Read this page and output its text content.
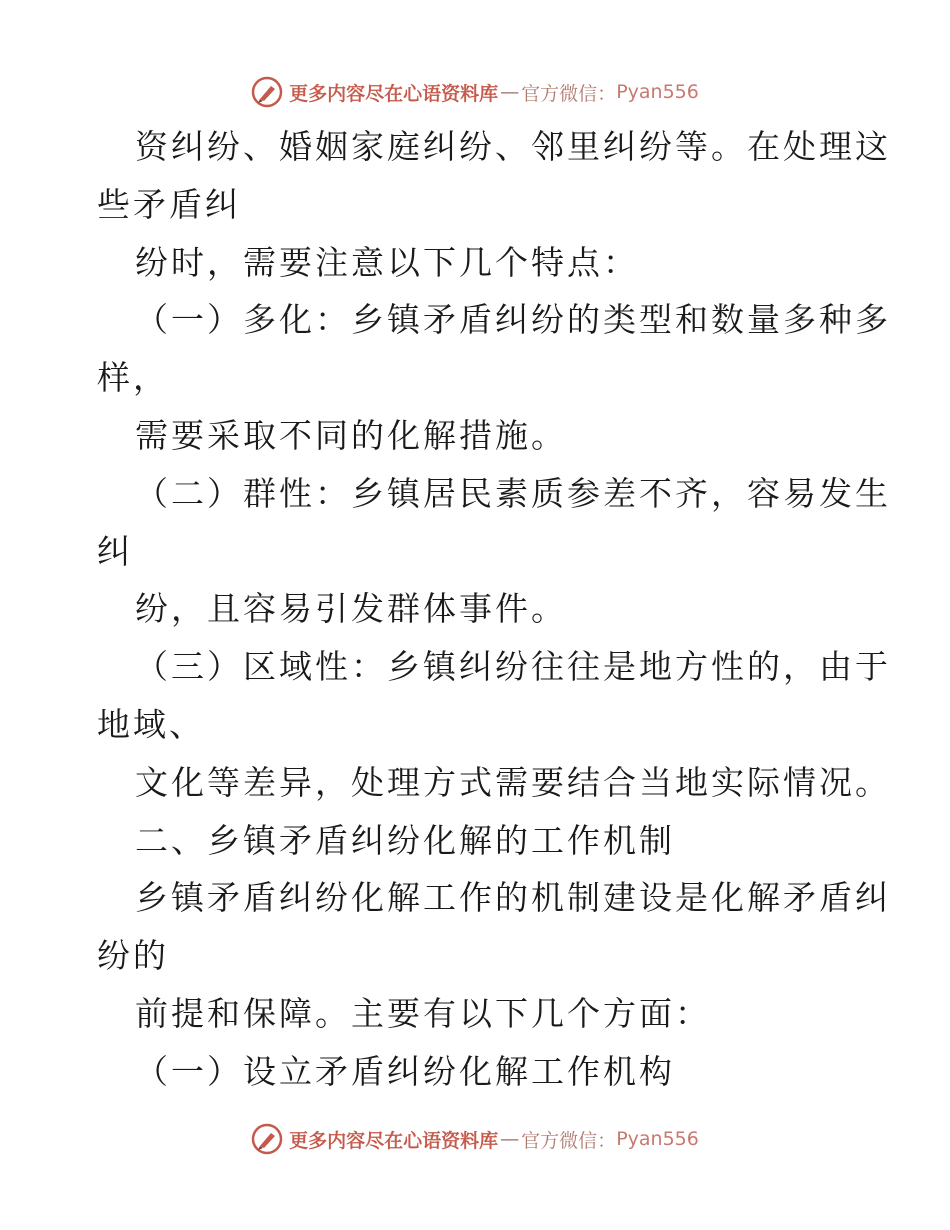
更多内容尽在心语资料库 — 官方微信： Pyan556
资纠纷、婚姻家庭纠纷、邻里纠纷等。在处理这
些矛盾纠
纷时，需要注意以下几个特点：
（一）多化：乡镇矛盾纠纷的类型和数量多种多
样，
需要采取不同的化解措施。
（二）群性：乡镇居民素质参差不齐，容易发生
纠
纷，且容易引发群体事件。
（三）区域性：乡镇纠纷往往是地方性的，由于
地域、
文化等差异，处理方式需要结合当地实际情况。
二、乡镇矛盾纠纷化解的工作机制
乡镇矛盾纠纷化解工作的机制建设是化解矛盾纠
纷的
前提和保障。主要有以下几个方面：
（一）设立矛盾纠纷化解工作机构
更多内容尽在心语资料库 — 官方微信： Pyan556
